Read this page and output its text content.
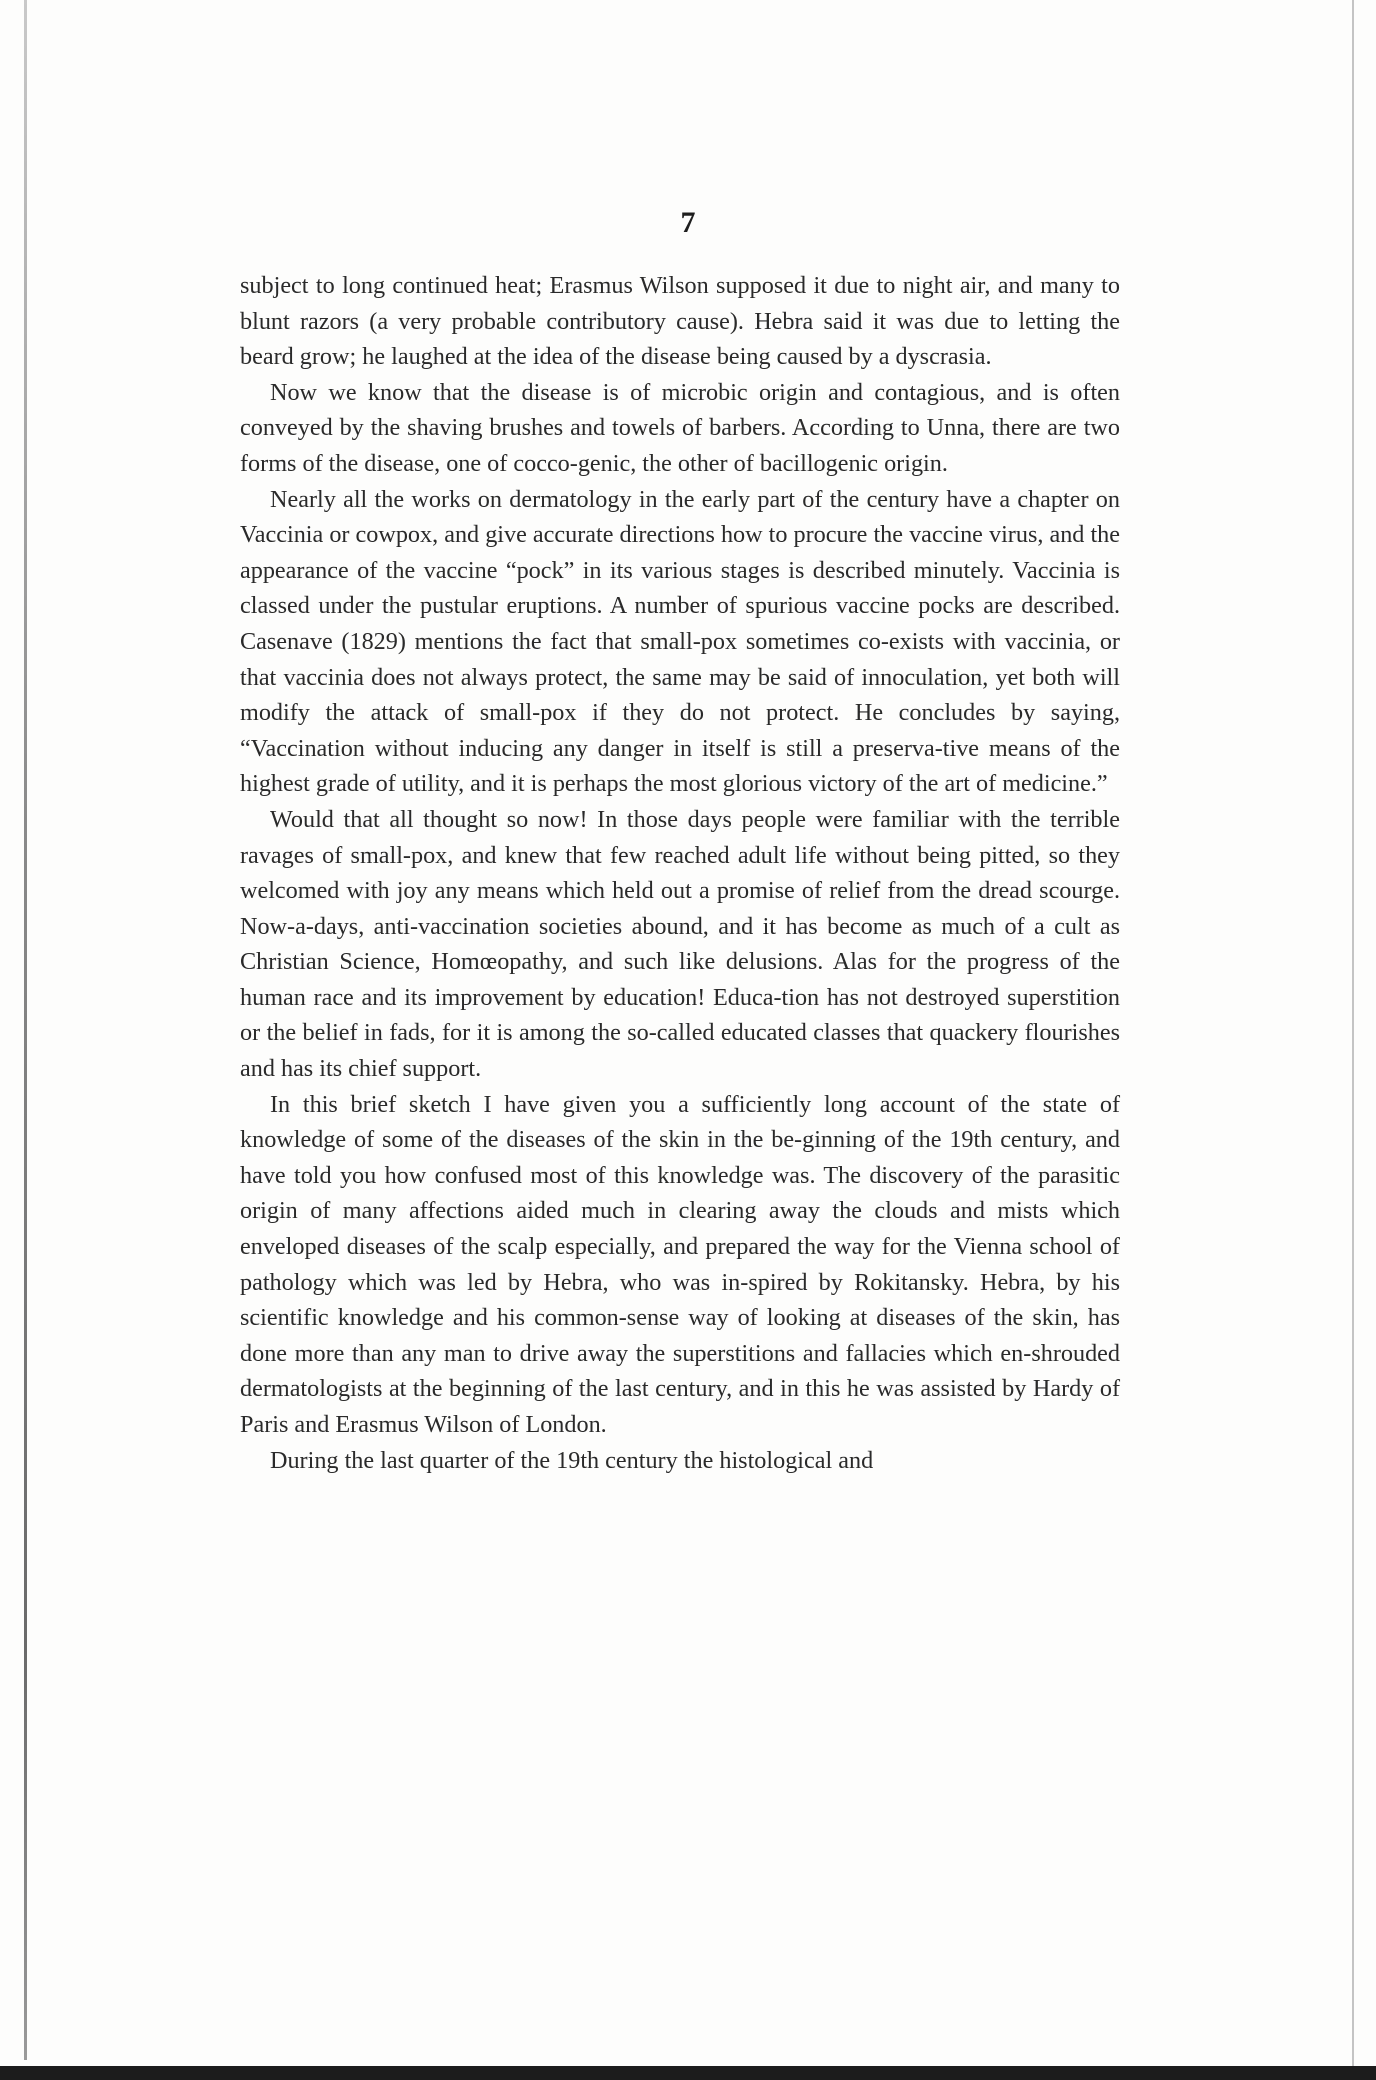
7

subject to long continued heat; Erasmus Wilson supposed it due to night air, and many to blunt razors (a very probable contributory cause). Hebra said it was due to letting the beard grow; he laughed at the idea of the disease being caused by a dyscrasia.

Now we know that the disease is of microbic origin and contagious, and is often conveyed by the shaving brushes and towels of barbers. According to Unna, there are two forms of the disease, one of cocco-genic, the other of bacillogenic origin.

Nearly all the works on dermatology in the early part of the century have a chapter on Vaccinia or cowpox, and give accurate directions how to procure the vaccine virus, and the appearance of the vaccine “pock” in its various stages is described minutely. Vaccinia is classed under the pustular eruptions. A number of spurious vaccine pocks are described. Casenave (1829) mentions the fact that small-pox sometimes co-exists with vaccinia, or that vaccinia does not always protect, the same may be said of innoculation, yet both will modify the attack of small-pox if they do not protect. He concludes by saying, “Vaccination without inducing any danger in itself is still a preserva-tive means of the highest grade of utility, and it is perhaps the most glorious victory of the art of medicine.”

Would that all thought so now! In those days people were familiar with the terrible ravages of small-pox, and knew that few reached adult life without being pitted, so they welcomed with joy any means which held out a promise of relief from the dread scourge. Now-a-days, anti-vaccination societies abound, and it has become as much of a cult as Christian Science, Homœopathy, and such like delusions. Alas for the progress of the human race and its improvement by education! Educa-tion has not destroyed superstition or the belief in fads, for it is among the so-called educated classes that quackery flourishes and has its chief support.

In this brief sketch I have given you a sufficiently long account of the state of knowledge of some of the diseases of the skin in the be-ginning of the 19th century, and have told you how confused most of this knowledge was. The discovery of the parasitic origin of many affections aided much in clearing away the clouds and mists which enveloped diseases of the scalp especially, and prepared the way for the Vienna school of pathology which was led by Hebra, who was in-spired by Rokitansky. Hebra, by his scientific knowledge and his common-sense way of looking at diseases of the skin, has done more than any man to drive away the superstitions and fallacies which en-shrouded dermatologists at the beginning of the last century, and in this he was assisted by Hardy of Paris and Erasmus Wilson of London.

During the last quarter of the 19th century the histological and
